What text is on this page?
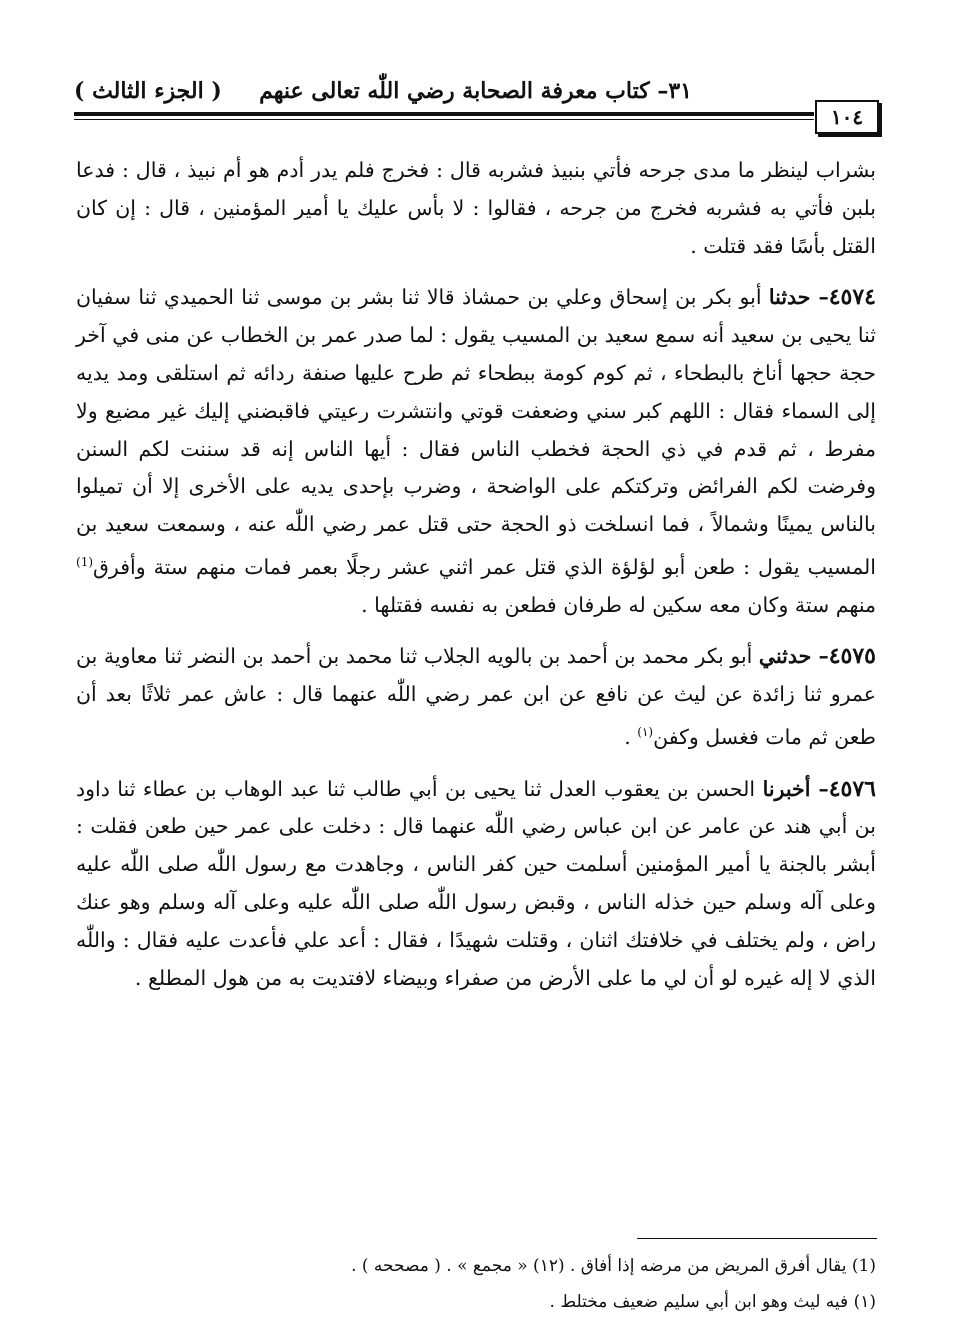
٣١– كتاب معرفة الصحابة رضي اللّٰه تعالى عنهم
( الجزء الثالث )
١٠٤

بشراب لينظر ما مدى جرحه فأتي بنبيذ فشربه قال : فخرج فلم يدر أدم هو أم نبيذ ، قال : فدعا بلبن فأتي به فشربه فخرج من جرحه ، فقالوا : لا بأس عليك يا أمير المؤمنين ، قال : إن كان القتل بأسًا فقد قتلت .

٤٥٧٤– حدثنا أبو بكر بن إسحاق وعلي بن حمشاذ قالا ثنا بشر بن موسى ثنا الحميدي ثنا سفيان ثنا يحيى بن سعيد أنه سمع سعيد بن المسيب يقول : لما صدر عمر بن الخطاب عن منى في آخر حجة حجها أناخ بالبطحاء ، ثم كوم كومة ببطحاء ثم طرح عليها صنفة ردائه ثم استلقى ومد يديه إلى السماء فقال : اللهم كبر سني وضعفت قوتي وانتشرت رعيتي فاقبضني إليك غير مضيع ولا مفرط ، ثم قدم في ذي الحجة فخطب الناس فقال : أيها الناس إنه قد سننت لكم السنن وفرضت لكم الفرائض وتركتكم على الواضحة ، وضرب بإحدى يديه على الأخرى إلا أن تميلوا بالناس يمينًا وشمالاً ، فما انسلخت ذو الحجة حتى قتل عمر رضي اللّٰه عنه ، وسمعت سعيد بن المسيب يقول : طعن أبو لؤلؤة الذي قتل عمر اثني عشر رجلًا بعمر فمات منهم ستة وأفرق$^{(1)}$ منهم ستة وكان معه سكين له طرفان فطعن به نفسه فقتلها .

٤٥٧٥– حدثني أبو بكر محمد بن أحمد بن بالويه الجلاب ثنا محمد بن أحمد بن النضر ثنا معاوية بن عمرو ثنا زائدة عن ليث عن نافع عن ابن عمر رضي اللّٰه عنهما قال : عاش عمر ثلاثًا بعد أن طعن ثم مات فغسل وكفن$^{(١)}$ .

٤٥٧٦– أخبرنا الحسن بن يعقوب العدل ثنا يحيى بن أبي طالب ثنا عبد الوهاب بن عطاء ثنا داود بن أبي هند عن عامر عن ابن عباس رضي اللّٰه عنهما قال : دخلت على عمر حين طعن فقلت : أبشر بالجنة يا أمير المؤمنين أسلمت حين كفر الناس ، وجاهدت مع رسول اللّٰه صلى اللّٰه عليه وعلى آله وسلم حين خذله الناس ، وقبض رسول اللّٰه صلى اللّٰه عليه وعلى آله وسلم وهو عنك راض ، ولم يختلف في خلافتك اثنان ، وقتلت شهيدًا ، فقال : أعد علي فأعدت عليه فقال : واللّٰه الذي لا إله غيره لو أن لي ما على الأرض من صفراء وبيضاء لافتديت به من هول المطلع .

(1) يقال أفرق المريض من مرضه إذا أفاق . (١٢) « مجمع » . ( مصححه ) .
(١) فيه ليث وهو ابن أبي سليم ضعيف مختلط .
